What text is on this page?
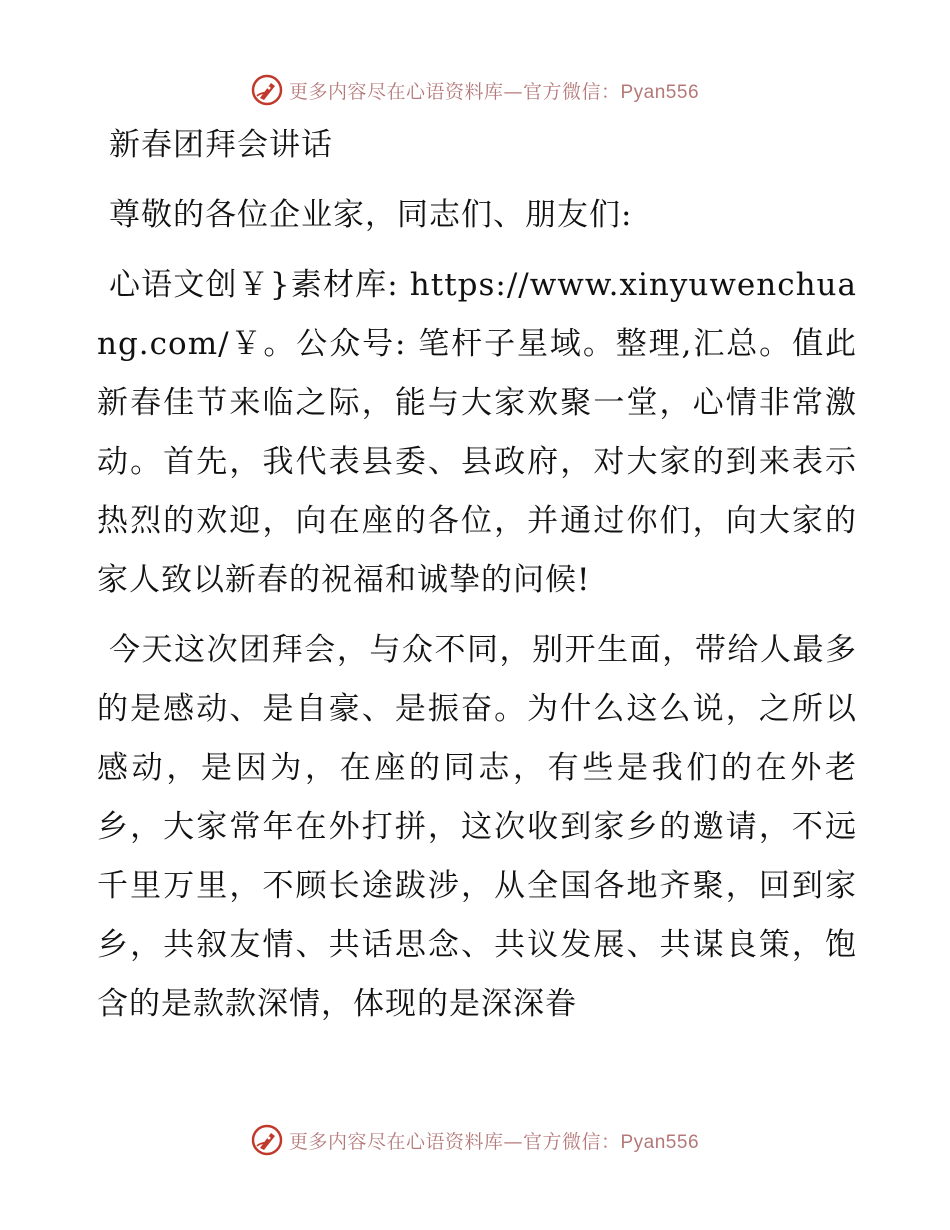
更多内容尽在心语资料库—官方微信：Pyan556
新春团拜会讲话

尊敬的各位企业家，同志们、朋友们:

心语文创￥}素材库: https://www.xinyuwenchuang.com/￥。公众号: 笔杆子星域。整理,汇总。值此新春佳节来临之际，能与大家欢聚一堂，心情非常激动。首先，我代表县委、县政府，对大家的到来表示热烈的欢迎，向在座的各位，并通过你们，向大家的家人致以新春的祝福和诚挚的问候!

今天这次团拜会，与众不同，别开生面，带给人最多的是感动、是自豪、是振奋。为什么这么说，之所以感动，是因为，在座的同志，有些是我们的在外老乡，大家常年在外打拼，这次收到家乡的邀请，不远千里万里，不顾长途跋涉，从全国各地齐聚，回到家乡，共叙友情、共话思念、共议发展、共谋良策，饱含的是款款深情，体现的是深深眷

更多内容尽在心语资料库—官方微信：Pyan556
